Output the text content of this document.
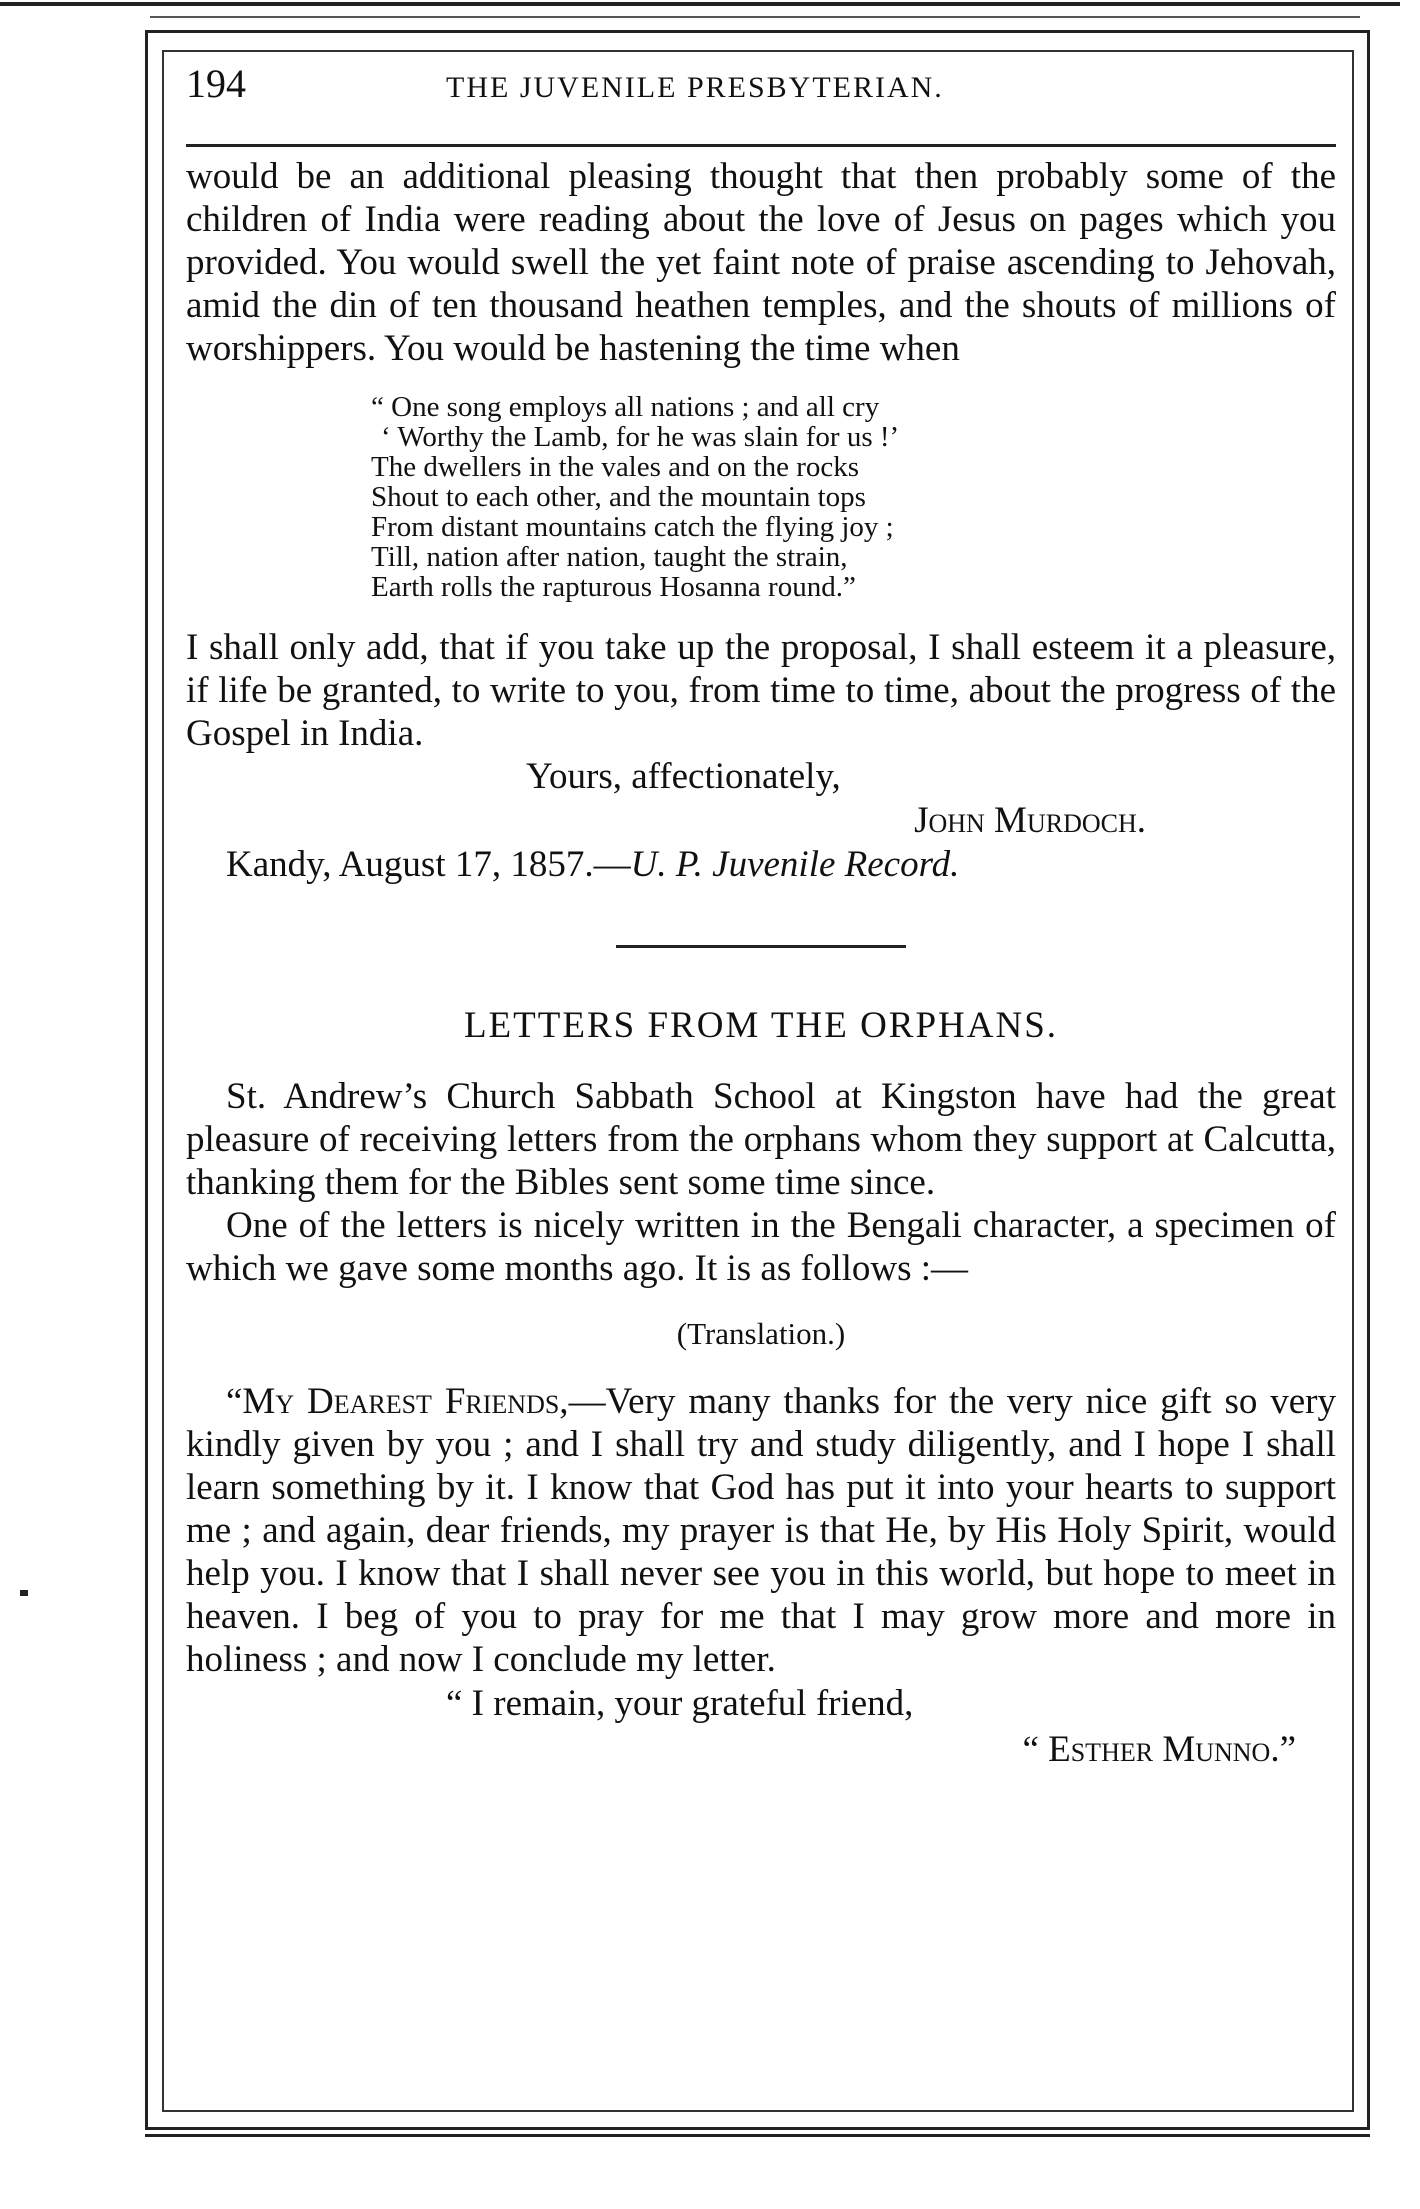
194	THE JUVENILE PRESBYTERIAN.

would be an additional pleasing thought that then probably some of the children of India were reading about the love of Jesus on pages which you provided. You would swell the yet faint note of praise ascending to Jehovah, amid the din of ten thousand heathen temples, and the shouts of millions of worshippers. You would be hastening the time when

“ One song employs all nations ; and all cry
‘ Worthy the Lamb, for he was slain for us !’
The dwellers in the vales and on the rocks
Shout to each other, and the mountain tops
From distant mountains catch the flying joy ;
Till, nation after nation, taught the strain,
Earth rolls the rapturous Hosanna round.”

I shall only add, that if you take up the proposal, I shall esteem it a pleasure, if life be granted, to write to you, from time to time, about the progress of the Gospel in India.

Yours, affectionately,
John Murdoch.
Kandy, August 17, 1857.—U. P. Juvenile Record.
LETTERS FROM THE ORPHANS.

St. Andrew’s Church Sabbath School at Kingston have had the great pleasure of receiving letters from the orphans whom they support at Calcutta, thanking them for the Bibles sent some time since.

One of the letters is nicely written in the Bengali character, a specimen of which we gave some months ago. It is as follows :—

(Translation.)

“My Dearest Friends,—Very many thanks for the very nice gift so very kindly given by you ; and I shall try and study diligently, and I hope I shall learn something by it. I know that God has put it into your hearts to support me ; and again, dear friends, my prayer is that He, by His Holy Spirit, would help you. I know that I shall never see you in this world, but hope to meet in heaven. I beg of you to pray for me that I may grow more and more in holiness ; and now I conclude my letter.

“ I remain, your grateful friend,
“ Esther Munno.”
